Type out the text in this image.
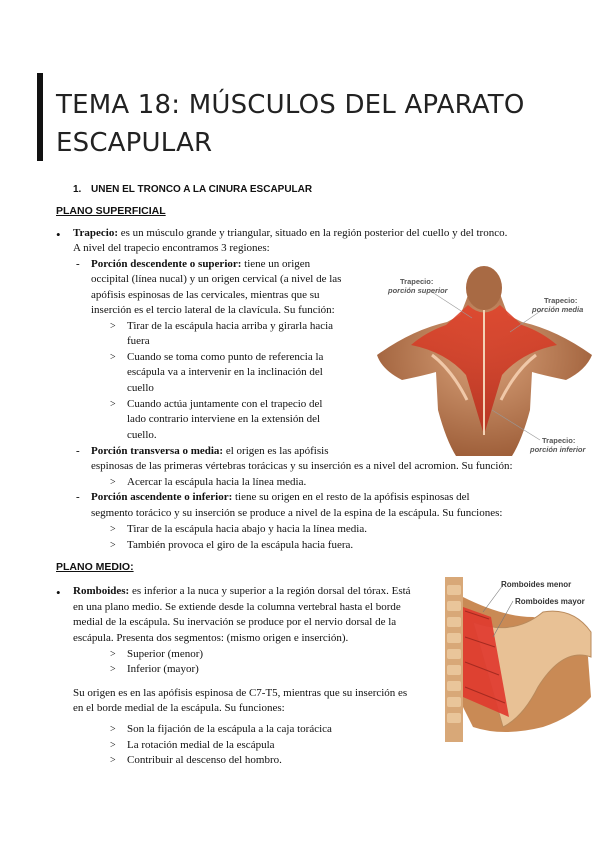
TEMA 18: MÚSCULOS DEL APARATO
ESCAPULAR
1. UNEN EL TRONCO A LA CINURA ESCAPULAR
PLANO SUPERFICIAL
• Trapecio: es un músculo grande y triangular, situado en la región posterior del cuello y del tronco.
A nivel del trapecio encontramos 3 regiones:
- Porción descendente o superior: tiene un origen
occipital (línea nucal) y un origen cervical (a nivel de las
apófisis espinosas de las cervicales, mientras que su
inserción es el tercio lateral de la clavícula. Su función:
> Tirar de la escápula hacia arriba y girarla hacia
fuera
> Cuando se toma como punto de referencia la
escápula va a intervenir en la inclinación del
cuello
> Cuando actúa juntamente con el trapecio del
lado contrario interviene en la extensión del
cuello.
- Porción transversa o media: el origen es las apófisis
espinosas de las primeras vértebras torácicas y su inserción es a nivel del acromion. Su función:
> Acercar la escápula hacia la línea media.
- Porción ascendente o inferior: tiene su origen en el resto de la apófisis espinosas del
segmento torácico y su inserción se produce a nivel de la espina de la escápula. Su funciones:
> Tirar de la escápula hacia abajo y hacia la línea media.
> También provoca el giro de la escápula hacia fuera.
Trapecio:
porción superior
Trapecio:
porción media
Trapecio:
porción inferior
PLANO MEDIO:
• Romboides: es inferior a la nuca y superior a la región dorsal del tórax. Está
en una plano medio. Se extiende desde la columna vertebral hasta el borde
medial de la escápula. Su inervación se produce por el nervio dorsal de la
escápula. Presenta dos segmentos: (mismo origen e inserción).
> Superior (menor)
> Inferior (mayor)
Su origen es en las apófisis espinosa de C7-T5, mientras que su inserción es
en el borde medial de la escápula. Su funciones:
> Son la fijación de la escápula a la caja torácica
> La rotación medial de la escápula
> Contribuir al descenso del hombro.
Romboides menor
Romboides mayor
